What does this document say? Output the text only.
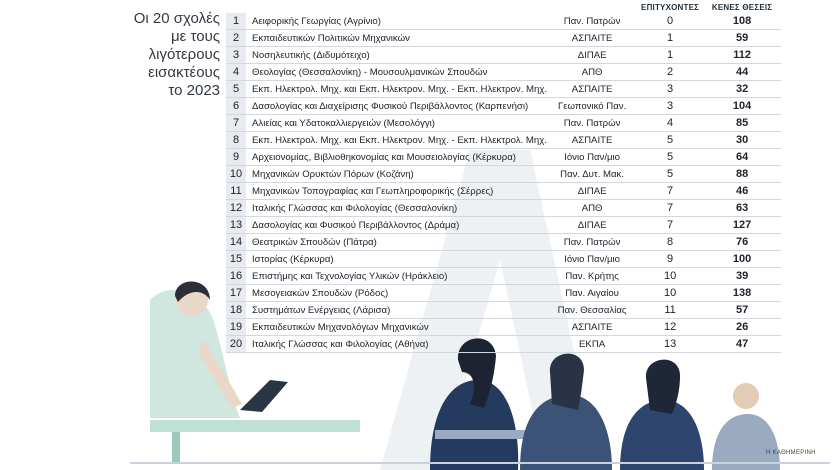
Οι 20 σχολές
με τους
λιγότερους
εισακτέους
το 2023
			ΕΠΙΤΥΧΟΝΤΕΣ	ΚΕΝΕΣ ΘΕΣΕΙΣ
1	Αειφορικής Γεωργίας (Αγρίνιο)	Παν. Πατρών	0	108
2	Εκπαιδευτικών Πολιτικών Μηχανικών	ΑΣΠΑΙΤΕ	1	59
3	Νοσηλευτικής (Διδυμότειχο)	ΔΙΠΑΕ	1	112
4	Θεολογίας (Θεσσαλονίκη) - Μουσουλμανικών Σπουδών	ΑΠΘ	2	44
5	Εκπ. Ηλεκτρολ. Μηχ. και Εκπ. Ηλεκτρον. Μηχ. - Εκπ. Ηλεκτρον. Μηχ.	ΑΣΠΑΙΤΕ	3	32
6	Δασολογίας και Διαχείρισης Φυσικού Περιβάλλοντος (Καρπενήσι)	Γεωπονικό Παν.	3	104
7	Αλιείας και Υδατοκαλλιεργειών (Μεσολόγγι)	Παν. Πατρών	4	85
8	Εκπ. Ηλεκτρολ. Μηχ. και Εκπ. Ηλεκτρον. Μηχ. - Εκπ. Ηλεκτρολ. Μηχ.	ΑΣΠΑΙΤΕ	5	30
9	Αρχειονομίας, Βιβλιοθηκονομίας και Μουσειολογίας (Κέρκυρα)	Ιόνιο Παν/μιο	5	64
10	Μηχανικών Ορυκτών Πόρων (Κοζάνη)	Παν. Δυτ. Μακ.	5	88
11	Μηχανικών Τοπογραφίας και Γεωπληροφορικής (Σέρρες)	ΔΙΠΑΕ	7	46
12	Ιταλικής Γλώσσας και Φιλολογίας (Θεσσαλονίκη)	ΑΠΘ	7	63
13	Δασολογίας και Φυσικού Περιβάλλοντος (Δράμα)	ΔΙΠΑΕ	7	127
14	Θεατρικών Σπουδών (Πάτρα)	Παν. Πατρών	8	76
15	Ιστορίας (Κέρκυρα)	Ιόνιο Παν/μιο	9	100
16	Επιστήμης και Τεχνολογίας Υλικών (Ηράκλειο)	Παν. Κρήτης	10	39
17	Μεσογειακών Σπουδών (Ρόδος)	Παν. Αιγαίου	10	138
18	Συστημάτων Ενέργειας (Λάρισα)	Παν. Θεσσαλίας	11	57
19	Εκπαιδευτικών Μηχανολόγων Μηχανικών	ΑΣΠΑΙΤΕ	12	26
20	Ιταλικής Γλώσσας και Φιλολογίας (Αθήνα)	ΕΚΠΑ	13	47
Η ΚΑΘΗΜΕΡΙΝΗ
